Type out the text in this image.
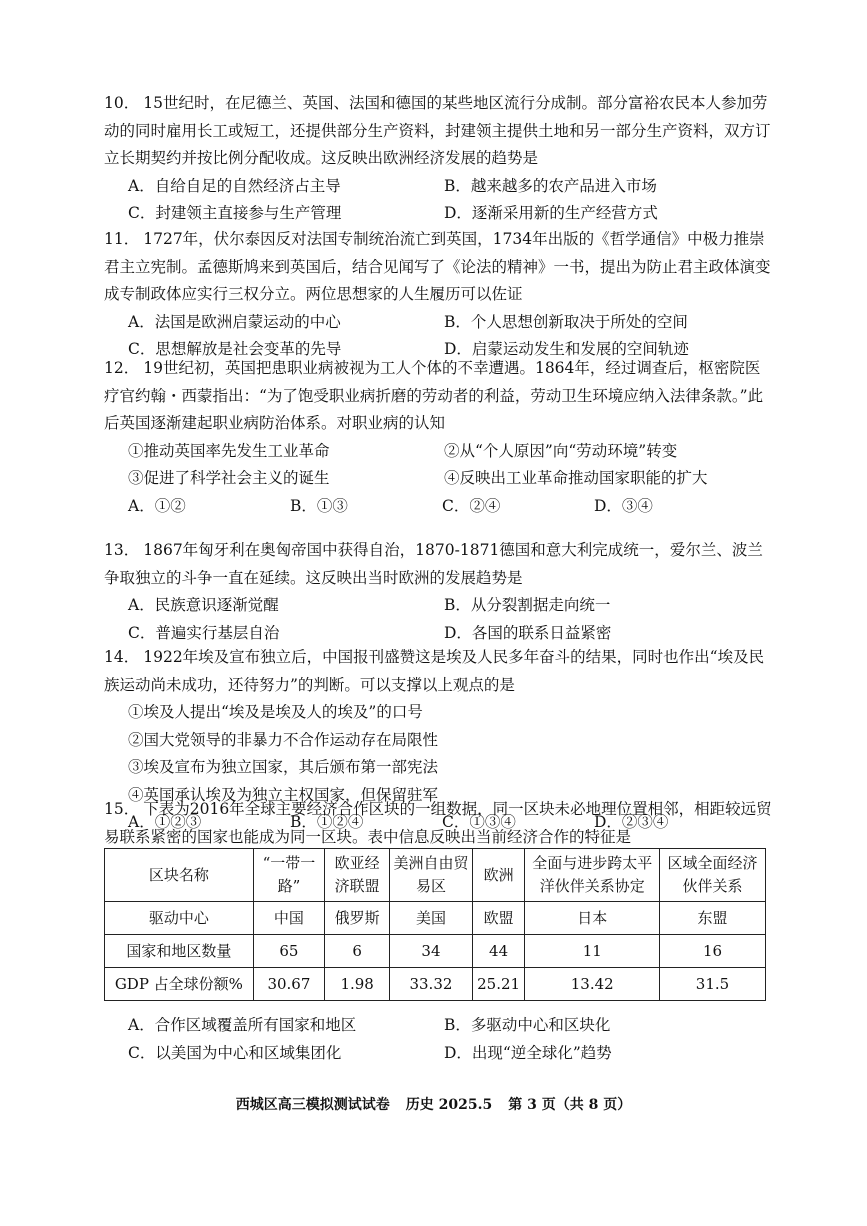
10． 15世纪时，在尼德兰、英国、法国和德国的某些地区流行分成制。部分富裕农民本人参加劳动的同时雇用长工或短工，还提供部分生产资料，封建领主提供土地和另一部分生产资料，双方订立长期契约并按比例分配收成。这反映出欧洲经济发展的趋势是

A．自给自足的自然经济占主导	B．越来越多的农产品进入市场
C．封建领主直接参与生产管理	D．逐渐采用新的生产经营方式

11． 1727年，伏尔泰因反对法国专制统治流亡到英国，1734年出版的《哲学通信》中极力推崇君主立宪制。孟德斯鸠来到英国后，结合见闻写了《论法的精神》一书，提出为防止君主政体演变成专制政体应实行三权分立。两位思想家的人生履历可以佐证

A．法国是欧洲启蒙运动的中心	B．个人思想创新取决于所处的空间
C．思想解放是社会变革的先导	D．启蒙运动发生和发展的空间轨迹

12． 19世纪初，英国把患职业病被视为工人个体的不幸遭遇。1864年，经过调查后，枢密院医疗官约翰・西蒙指出：“为了饱受职业病折磨的劳动者的利益，劳动卫生环境应纳入法律条款。”此后英国逐渐建起职业病防治体系。对职业病的认知

①推动英国率先发生工业革命	②从“个人原因”向“劳动环境”转变
③促进了科学社会主义的诞生	④反映出工业革命推动国家职能的扩大
A．①②	B．①③	C．②④	D．③④

13． 1867年匈牙利在奥匈帝国中获得自治，1870-1871德国和意大利完成统一，爱尔兰、波兰争取独立的斗争一直在延续。这反映出当时欧洲的发展趋势是

A．民族意识逐渐觉醒	B．从分裂割据走向统一
C．普遍实行基层自治	D．各国的联系日益紧密

14． 1922年埃及宣布独立后，中国报刊盛赞这是埃及人民多年奋斗的结果，同时也作出“埃及民族运动尚未成功，还待努力”的判断。可以支撑以上观点的是

①埃及人提出“埃及是埃及人的埃及”的口号
②国大党领导的非暴力不合作运动存在局限性
③埃及宣布为独立国家，其后颁布第一部宪法
④英国承认埃及为独立主权国家，但保留驻军
A．①②③	B．①②④	C．①③④	D．②③④

15． 下表为2016年全球主要经济合作区块的一组数据，同一区块未必地理位置相邻，相距较远贸易联系紧密的国家也能成为同一区块。表中信息反映出当前经济合作的特征是

区块名称	“一带一路”	欧亚经济联盟	美洲自由贸易区	欧洲	全面与进步跨太平洋伙伴关系协定	区域全面经济伙伴关系
驱动中心	中国	俄罗斯	美国	欧盟	日本	东盟
国家和地区数量	65	6	34	44	11	16
GDP 占全球份额%	30.67	1.98	33.32	25.21	13.42	31.5
A．合作区域覆盖所有国家和地区	B．多驱动中心和区块化
C．以美国为中心和区域集团化	D．出现“逆全球化”趋势
西城区高三模拟测试试卷 历史 2025.5 第 3 页（共 8 页）
